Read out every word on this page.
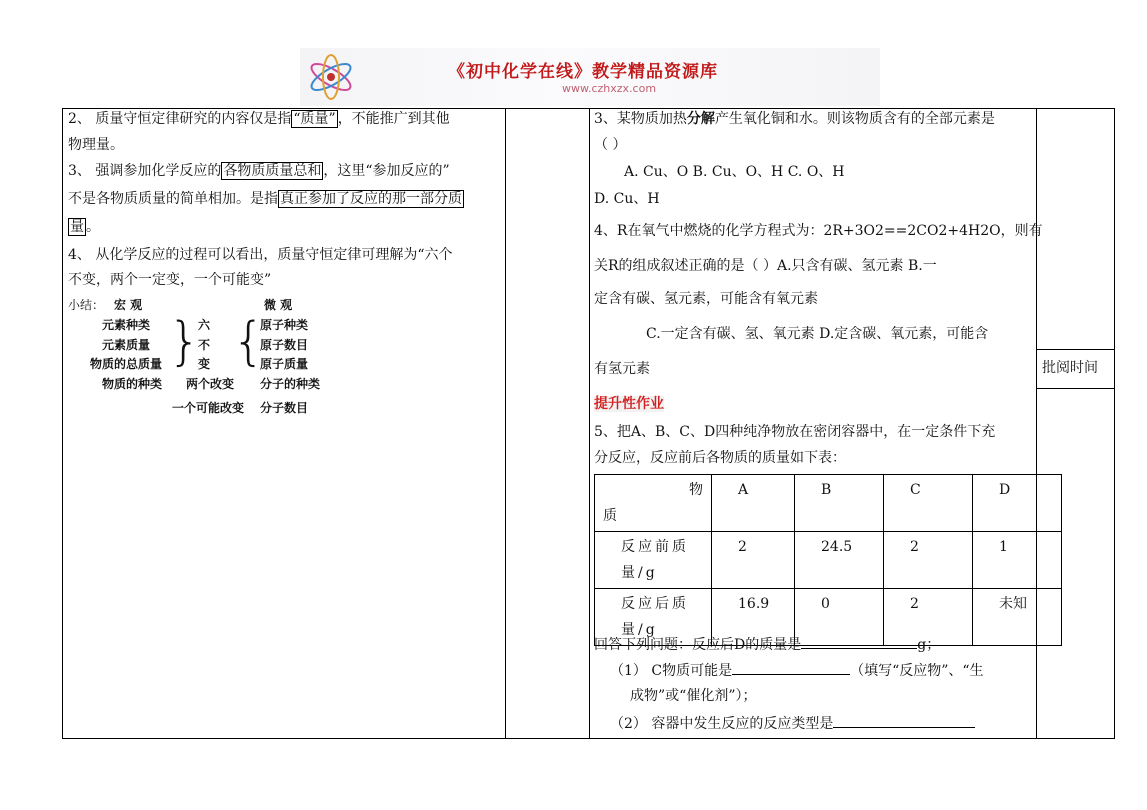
《初中化学在线》教学精品资源库
www.czhxzx.com
批阅时间
2、 质量守恒定律研究的内容仅是指 “质量” ，不能推广到其他
物理量。
3、 强调参加化学反应的 各物质质量总和 ，这里“参加反应的”
不是各物质质量的简单相加。是指 真正参加了反应的那一部分质
量 。
4、 从化学反应的过程可以看出，质量守恒定律可理解为“六个
不变，两个一定变，一个可能变”
小结： 宏 观	微 观
元素种类
元素质量
物质的总质量 }
六
不
变 {
原子种类
原子数目
原子质量
物质的种类 两个改变 分子的种类
一个可能改变 分子数目
3、某物质加热分解产生氧化铜和水。则该物质含有的全部元素是
（ ）
A. Cu、O B. Cu、O、H C. O、H
D. Cu、H
4、R在氧气中燃烧的化学方程式为：2R+3O2==2CO2+4H2O，则有
关R的组成叙述正确的是（ ）A.只含有碳、氢元素 B.一
定含有碳、氢元素，可能含有氧元素
C.一定含有碳、氢、氧元素 D.定含碳、氧元素，可能含
有氢元素
提升性作业
5、把A、B、C、D四种纯净物放在密闭容器中，在一定条件下充
分反应，反应前后各物质的质量如下表：
物
质	A	B	C	D
反应前质量/g	2	24.5	2	1
反应后质量/g	16.9	0	2	未知
回答下列问题：反应后D的质量是	g；
（1） C物质可能是	（填写“反应物”、“生
成物”或“催化剂”）；
（2） 容器中发生反应的反应类型是
